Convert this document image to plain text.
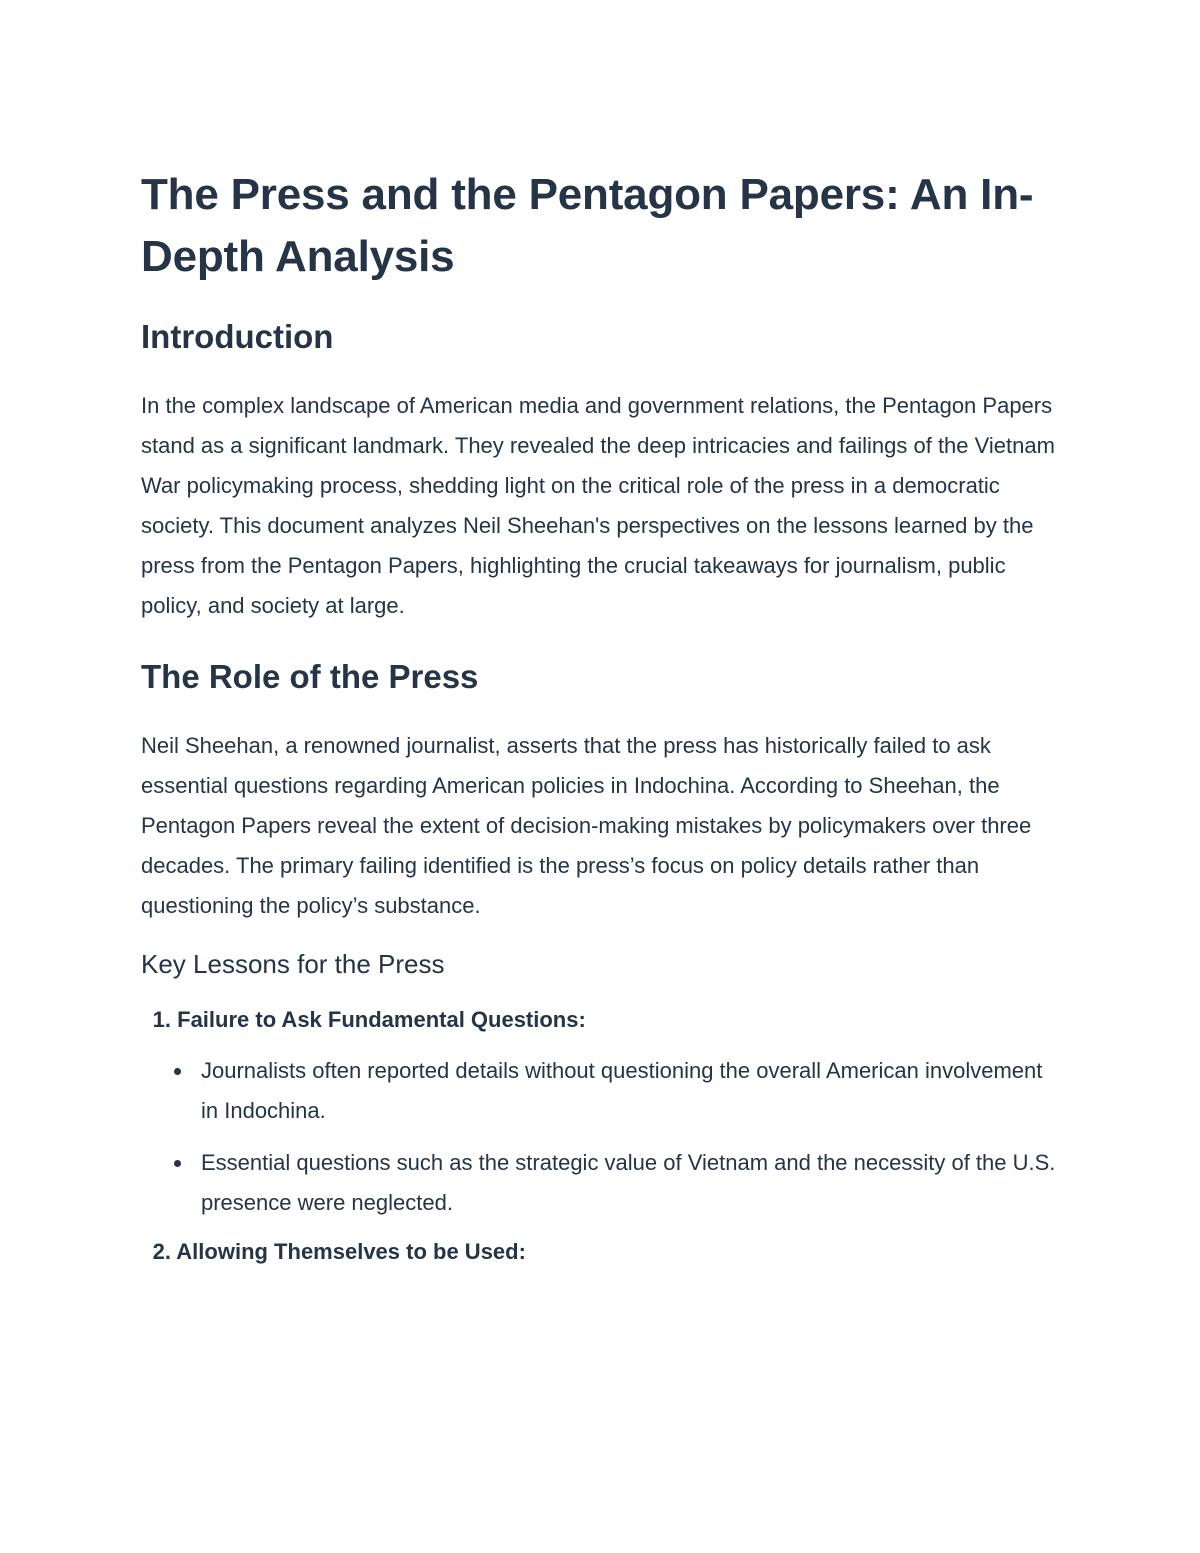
The Press and the Pentagon Papers: An In-Depth Analysis
Introduction

In the complex landscape of American media and government relations, the Pentagon Papers stand as a significant landmark. They revealed the deep intricacies and failings of the Vietnam War policymaking process, shedding light on the critical role of the press in a democratic society. This document analyzes Neil Sheehan's perspectives on the lessons learned by the press from the Pentagon Papers, highlighting the crucial takeaways for journalism, public policy, and society at large.

The Role of the Press

Neil Sheehan, a renowned journalist, asserts that the press has historically failed to ask essential questions regarding American policies in Indochina. According to Sheehan, the Pentagon Papers reveal the extent of decision-making mistakes by policymakers over three decades. The primary failing identified is the press’s focus on policy details rather than questioning the policy’s substance.

Key Lessons for the Press
1. Failure to Ask Fundamental Questions:
Journalists often reported details without questioning the overall American involvement in Indochina.
Essential questions such as the strategic value of Vietnam and the necessity of the U.S. presence were neglected.
2. Allowing Themselves to be Used:
